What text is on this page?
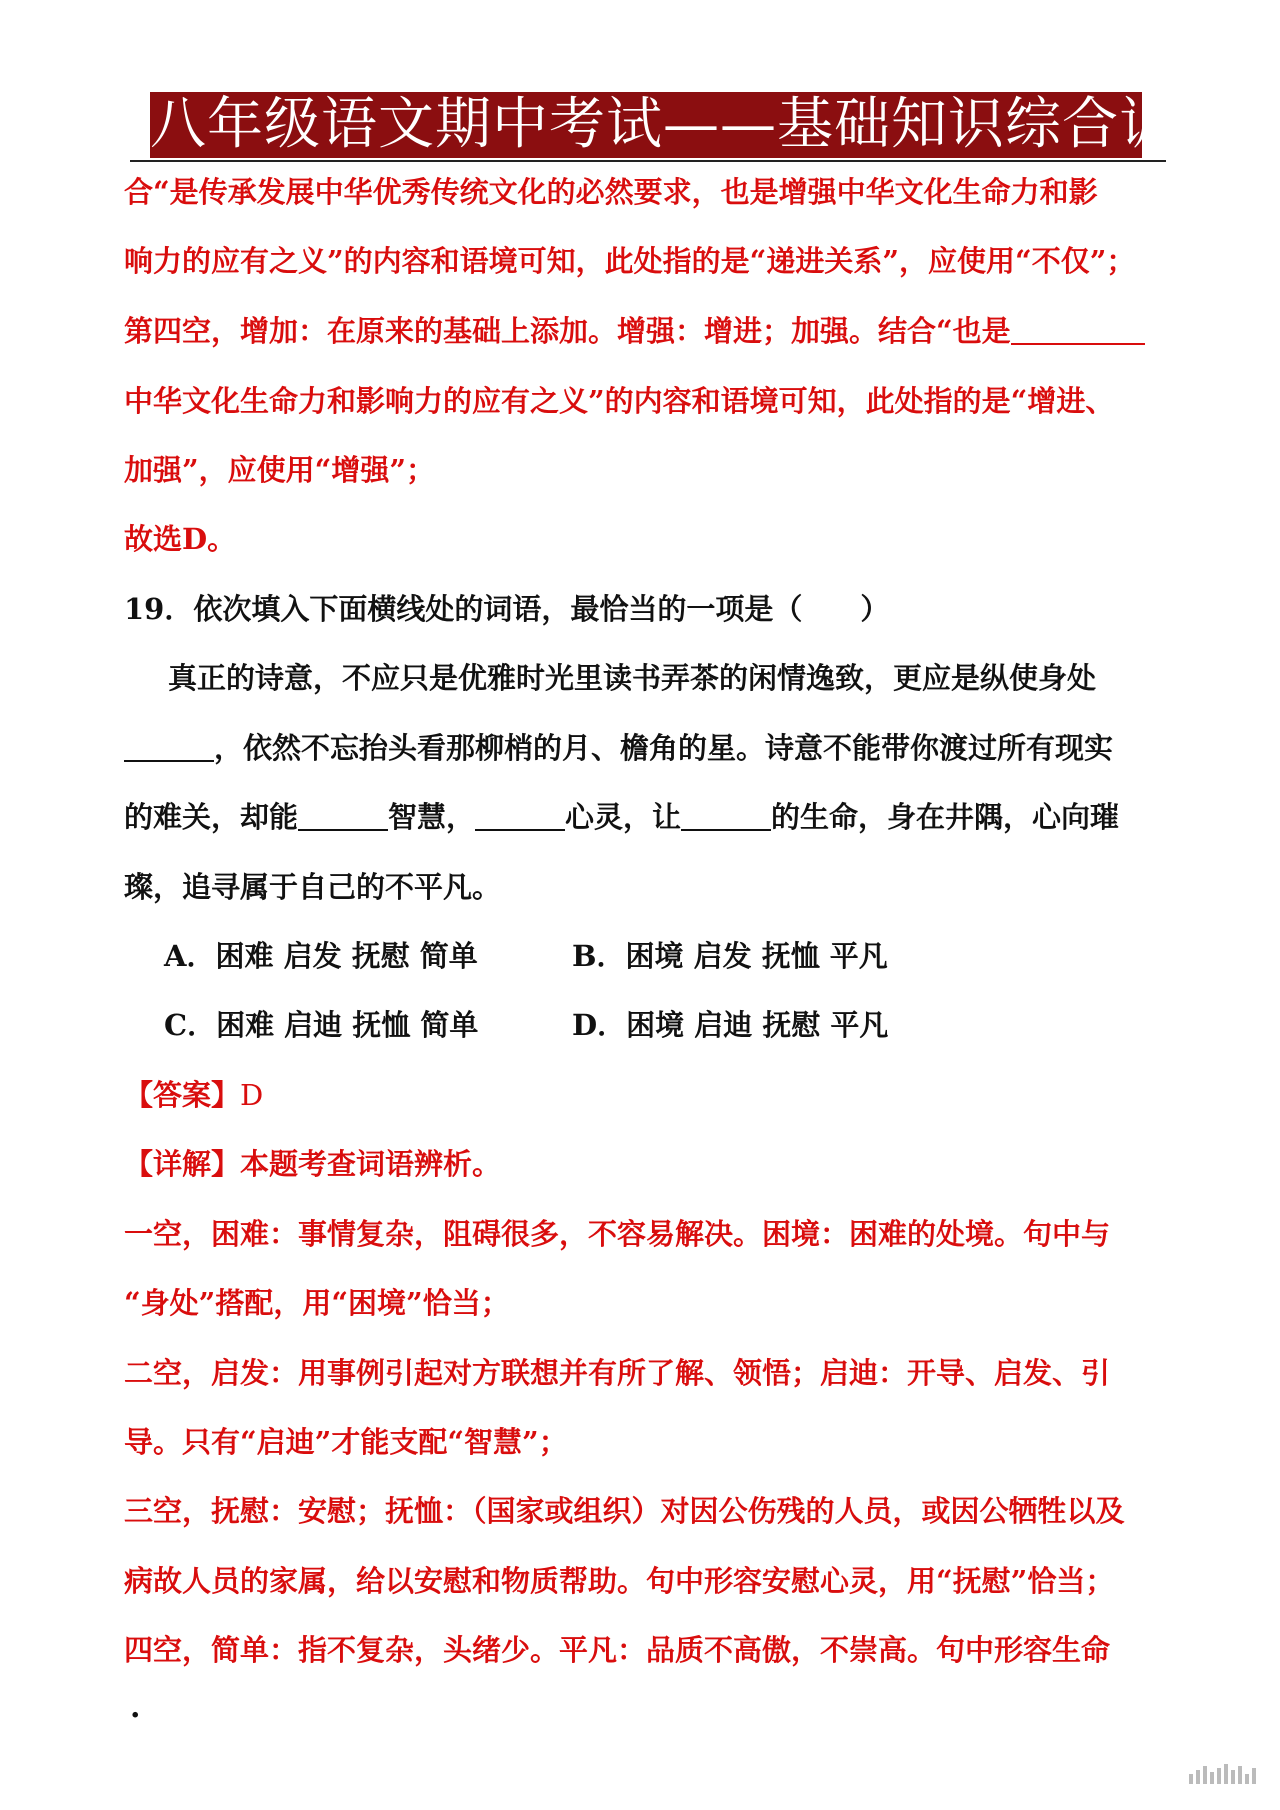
八年级语文期中考试——基础知识综合训练
合“是传承发展中华优秀传统文化的必然要求，也是增强中华文化生命力和影
响力的应有之义”的内容和语境可知，此处指的是“递进关系”，应使用“不仅”；
第四空，增加：在原来的基础上添加。增强：增进；加强。结合“也是
中华文化生命力和影响力的应有之义”的内容和语境可知，此处指的是“增进、
加强”，应使用“增强”；
故选D。
19．依次填入下面横线处的词语，最恰当的一项是（　　）
真正的诗意，不应只是优雅时光里读书弄茶的闲情逸致，更应是纵使身处
，依然不忘抬头看那柳梢的月、檐角的星。诗意不能带你渡过所有现实
的难关，却能	智慧，	心灵，让	的生命，身在井隅，心向璀
璨，追寻属于自己的不平凡。
A．困难 启发 抚慰 简单	B．困境 启发 抚恤 平凡
C．困难 启迪 抚恤 简单	D．困境 启迪 抚慰 平凡
【答案】D
【详解】本题考查词语辨析。
一空，困难：事情复杂，阻碍很多，不容易解决。困境：困难的处境。句中与
“身处”搭配，用“困境”恰当；
二空，启发：用事例引起对方联想并有所了解、领悟；启迪：开导、启发、引
导。只有“启迪”才能支配“智慧”；
三空，抚慰：安慰；抚恤：（国家或组织）对因公伤残的人员，或因公牺牲以及
病故人员的家属，给以安慰和物质帮助。句中形容安慰心灵，用“抚慰”恰当；
四空，简单：指不复杂，头绪少。平凡：品质不高傲，不崇高。句中形容生命
.
